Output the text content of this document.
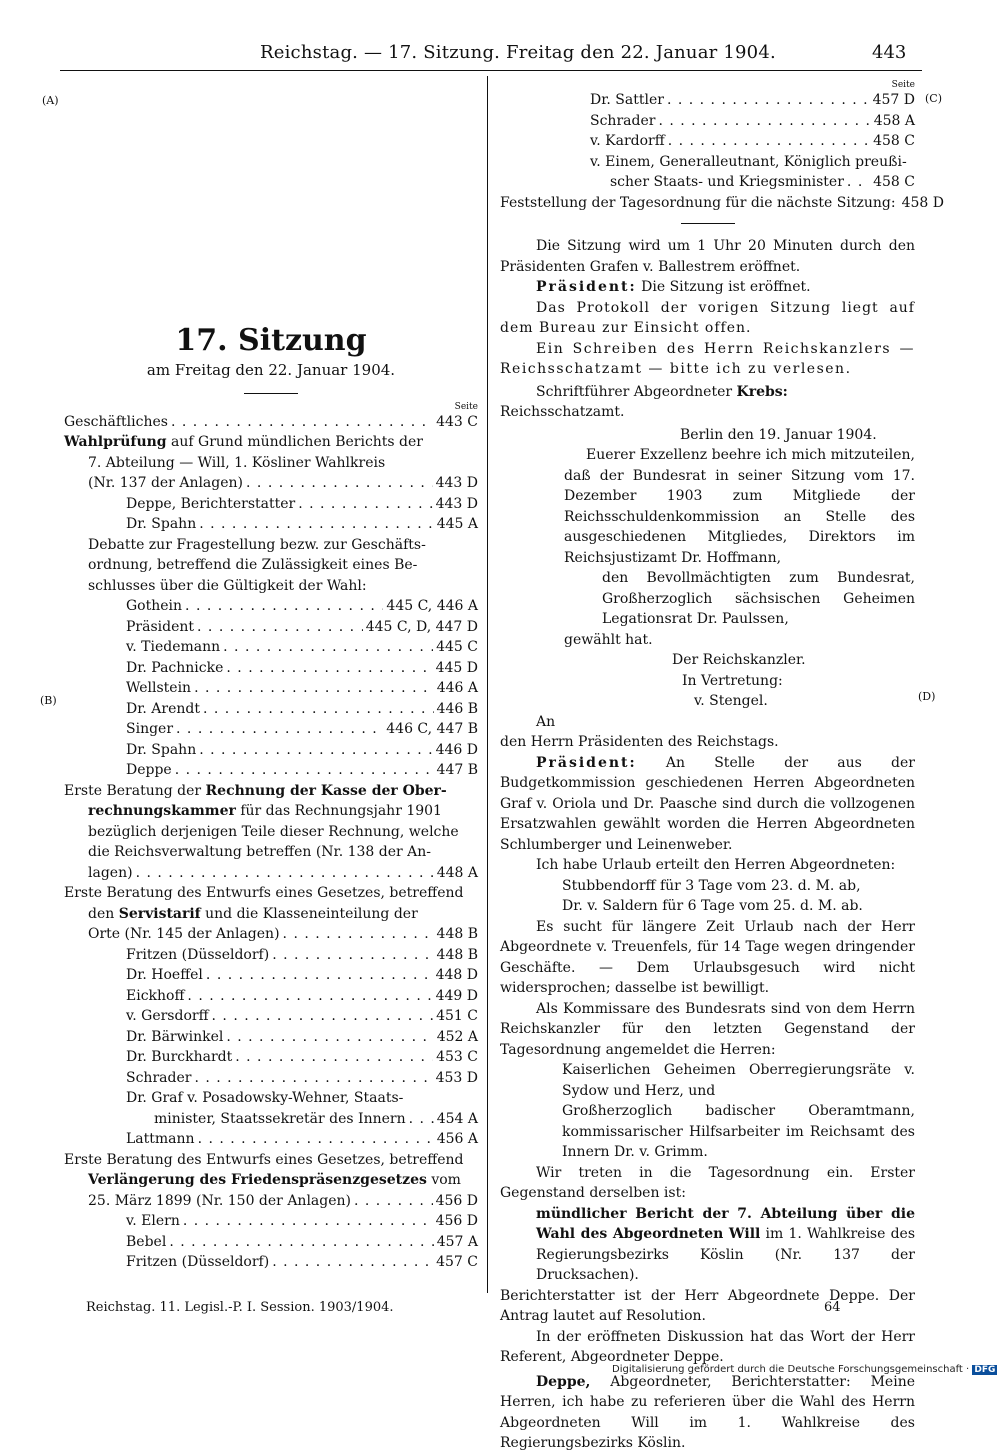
Reichstag. — 17. Sitzung. Freitag den 22. Januar 1904.	443
(A)
(B)
(C)
(D)
17. Sitzung
am Freitag den 22. Januar 1904.
Seite
Geschäftliches . . .	443 C
Wahlprüfung auf Grund mündlichen Berichts der
7. Abteilung — Will, 1. Kösliner Wahlkreis
(Nr. 137 der Anlagen) . . .	443 D
Deppe, Berichterstatter . . .	443 D
Dr. Spahn . . .	445 A
Debatte zur Fragestellung bezw. zur Geschäfts-
ordnung, betreffend die Zulässigkeit eines Be-
schlusses über die Gültigkeit der Wahl:
Gothein . . .	445 C, 446 A
Präsident . . .	445 C, D, 447 D
v. Tiedemann . . .	445 C
Dr. Pachnicke . . .	445 D
Wellstein . . .	446 A
Dr. Arendt . . .	446 B
Singer . . .	446 C, 447 B
Dr. Spahn . . .	446 D
Deppe . . .	447 B
Erste Beratung der Rechnung der Kasse der Ober-
rechnungskammer für das Rechnungsjahr 1901
bezüglich derjenigen Teile dieser Rechnung, welche
die Reichsverwaltung betreffen (Nr. 138 der An-
lagen) . . .	448 A
Erste Beratung des Entwurfs eines Gesetzes, betreffend
den Servistarif und die Klasseneinteilung der
Orte (Nr. 145 der Anlagen) . . .	448 B
Fritzen (Düsseldorf) . . .	448 B
Dr. Hoeffel . . .	448 D
Eickhoff . . .	449 D
v. Gersdorff . . .	451 C
Dr. Bärwinkel . . .	452 A
Dr. Burckhardt . . .	453 C
Schrader . . .	453 D
Dr. Graf v. Posadowsky-Wehner, Staats-
minister, Staatssekretär des Innern . . . 454 A
Lattmann . . .	456 A
Erste Beratung des Entwurfs eines Gesetzes, betreffend
Verlängerung des Friedenspräsenzgesetzes vom
25. März 1899 (Nr. 150 der Anlagen) . . .	456 D
v. Elern . . .	456 D
Bebel . . .	457 A
Fritzen (Düsseldorf) . . .	457 C
Seite
Dr. Sattler . . .	457 D
Schrader . . .	458 A
v. Kardorff . . .	458 C
v. Einem, Generalleutnant, Königlich preußi-
scher Staats- und Kriegsminister . . . 458 C
Feststellung der Tagesordnung für die nächste Sitzung: 458 D

Die Sitzung wird um 1 Uhr 20 Minuten durch den Präsidenten Grafen v. Ballestrem eröffnet.

Präsident: Die Sitzung ist eröffnet.

Das Protokoll der vorigen Sitzung liegt auf dem Bureau zur Einsicht offen.

Ein Schreiben des Herrn Reichskanzlers — Reichsschatzamt — bitte ich zu verlesen.

Schriftführer Abgeordneter Krebs:

Reichsschatzamt.

Berlin den 19. Januar 1904.

Euerer Exzellenz beehre ich mich mitzuteilen, daß der Bundesrat in seiner Sitzung vom 17. Dezember 1903 zum Mitgliede der Reichsschuldenkommission an Stelle des ausgeschiedenen Mitgliedes, Direktors im Reichsjustizamt Dr. Hoffmann,

den Bevollmächtigten zum Bundesrat, Großherzoglich sächsischen Geheimen Legationsrat Dr. Paulssen,

gewählt hat.

Der Reichskanzler.

In Vertretung:

v. Stengel.

An

den Herrn Präsidenten des Reichstags.

Präsident: An Stelle der aus der Budgetkommission geschiedenen Herren Abgeordneten Graf v. Oriola und Dr. Paasche sind durch die vollzogenen Ersatzwahlen gewählt worden die Herren Abgeordneten Schlumberger und Leinenweber.

Ich habe Urlaub erteilt den Herren Abgeordneten:

Stubbendorff für 3 Tage vom 23. d. M. ab,

Dr. v. Saldern für 6 Tage vom 25. d. M. ab.

Es sucht für längere Zeit Urlaub nach der Herr Abgeordnete v. Treuenfels, für 14 Tage wegen dringender Geschäfte. — Dem Urlaubsgesuch wird nicht widersprochen; dasselbe ist bewilligt.

Als Kommissare des Bundesrats sind von dem Herrn Reichskanzler für den letzten Gegenstand der Tagesordnung angemeldet die Herren:

Kaiserlichen Geheimen Oberregierungsräte v. Sydow und Herz, und

Großherzoglich badischer Oberamtmann, kommissarischer Hilfsarbeiter im Reichsamt des Innern Dr. v. Grimm.

Wir treten in die Tagesordnung ein. Erster Gegenstand derselben ist:

mündlicher Bericht der 7. Abteilung über die Wahl des Abgeordneten Will im 1. Wahlkreise des Regierungsbezirks Köslin (Nr. 137 der Drucksachen).

Berichterstatter ist der Herr Abgeordnete Deppe. Der Antrag lautet auf Resolution.

In der eröffneten Diskussion hat das Wort der Herr Referent, Abgeordneter Deppe.

Deppe, Abgeordneter, Berichterstatter: Meine Herren, ich habe zu referieren über die Wahl des Herrn Abgeordneten Will im 1. Wahlkreise des Regierungsbezirks Köslin.

Reichstag. 11. Legisl.-P. I. Session. 1903/1904.	64
Digitalisierung gefördert durch die Deutsche Forschungsgemeinschaft · DFG
